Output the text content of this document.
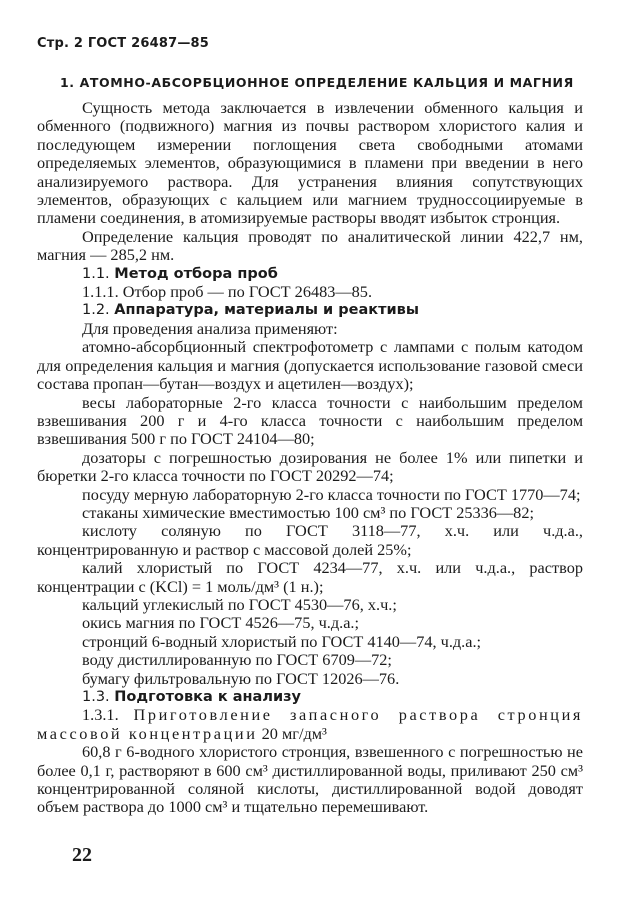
Стр. 2 ГОСТ 26487—85
1. АТОМНО-АБСОРБЦИОННОЕ ОПРЕДЕЛЕНИЕ КАЛЬЦИЯ И МАГНИЯ

Сущность метода заключается в извлечении обменного кальция и обменного (подвижного) магния из почвы раствором хлористого калия и последующем измерении поглощения света свободными атомами определяемых элементов, образующимися в пламени при введении в него анализируемого раствора. Для устранения влияния сопутствующих элементов, образующих с кальцием или магнием трудноссоциируемые в пламени соединения, в атомизируемые растворы вводят избыток стронция.

Определение кальция проводят по аналитической линии 422,7 нм, магния — 285,2 нм.

1.1. Метод отбора проб

1.1.1. Отбор проб — по ГОСТ 26483—85.

1.2. Аппаратура, материалы и реактивы

Для проведения анализа применяют:

атомно-абсорбционный спектрофотометр с лампами с полым катодом для определения кальция и магния (допускается использование газовой смеси состава пропан—бутан—воздух и ацетилен—воздух);

весы лабораторные 2-го класса точности с наибольшим пределом взвешивания 200 г и 4-го класса точности с наибольшим пределом взвешивания 500 г по ГОСТ 24104—80;

дозаторы с погрешностью дозирования не более 1% или пипетки и бюретки 2-го класса точности по ГОСТ 20292—74;

посуду мерную лабораторную 2-го класса точности по ГОСТ 1770—74;

стаканы химические вместимостью 100 см³ по ГОСТ 25336—82;

кислоту соляную по ГОСТ 3118—77, х.ч. или ч.д.а., концентрированную и раствор с массовой долей 25%;

калий хлористый по ГОСТ 4234—77, х.ч. или ч.д.а., раствор концентрации с (KCl) = 1 моль/дм³ (1 н.);

кальций углекислый по ГОСТ 4530—76, х.ч.;

окись магния по ГОСТ 4526—75, ч.д.а.;

стронций 6-водный хлористый по ГОСТ 4140—74, ч.д.а.;

воду дистиллированную по ГОСТ 6709—72;

бумагу фильтровальную по ГОСТ 12026—76.

1.3. Подготовка к анализу

1.3.1. Приготовление запасного раствора стронция массовой концентрации 20 мг/дм³

60,8 г 6-водного хлористого стронция, взвешенного с погрешностью не более 0,1 г, растворяют в 600 см³ дистиллированной воды, приливают 250 см³ концентрированной соляной кислоты, дистиллированной водой доводят объем раствора до 1000 см³ и тщательно перемешивают.

22
